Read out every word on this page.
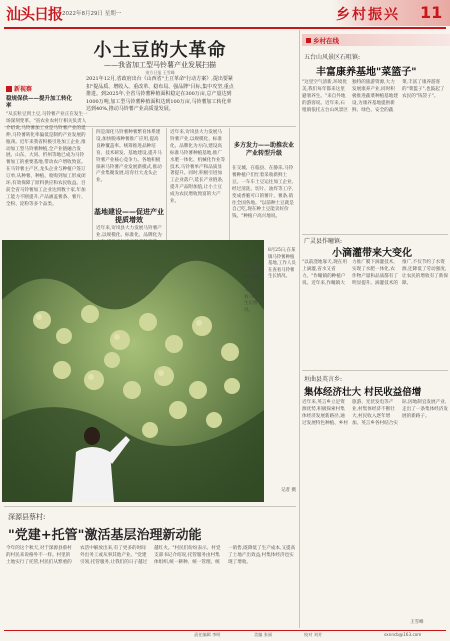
汕头日报 2022年8月29日 星期一	乡村振兴 11
小土豆的大革命
——我省加工型马铃薯产业发展扫描
南方日报 王雪峰
2021年12月,省政府出台《山西省"土豆革命"行动方案》,提出要紧扣"提品质、增收入、重改革、稳布局、强品牌"目标,集中攻坚,重点推进。到2025年,全省马铃薯种植面积稳定在300万亩,总产量达到1000万吨,加工型马铃薯种植面积达到100万亩,马铃薯加工转化率达到40%,推动马铃薯产业高质量发展。
新视察
稳规保供——提升加工转化率
"从长粒豆到土豆,马铃薯产业正在发生一场深刻变革。"省农业农村厅相关负责人介绍说,马铃薯加工业是马铃薯产业的延伸,马铃薯转化率偏低是制约产业发展的瓶颈。近年来我省积极引进加工企业,推动加工型马铃薯种植,全产业链融合发展。山东、大同、忻州等地已成为马铃薯加工的重要基地,带动农户增收致富。在马铃薯主产区,龙头企业与种植户签订订单,从种薯、种植、收购到加工形成闭环,有效保障了原料供应和农民收益。目前全省马铃薯加工企业达到数十家,年加工能力不断提升,产品涵盖薯条、薯片、全粉、淀粉等多个品类。
四是深化马铃薯种薯繁育体系建设,加快脱毒种薯推广应用,提高良种覆盖率。统筹推进品种培育、技术研发、基地建设,提升马铃薯产业核心竞争力。各地积极探索马铃薯产业发展新模式,推动产业集聚发展,培育壮大龙头企业。
基地建设——促进产业提质增效
近年来,岢岚县大力发展马铃薯产业,以规模化、标准化、品牌化为
近年来,岢岚县大力发展马铃薯产业,以规模化、标准化、品牌化为方向,建设高标准马铃薯种植基地,推广水肥一体化、机械化作业等技术,马铃薯单产和品质显著提升。同时,积极引进加工企业落户,延长产业链条,提升产品附加值,让小土豆成为农民增收致富的大产业。
多方发力——助推农业产业转型升级
在交城、在临县、在静乐,马铃薯种植户们忙着采收新鲜土豆。一车车土豆运往加工企业,经过清洗、切片、油炸等工序,变成香脆可口的薯片、薯条,销往全国各地。"以前种土豆就是自己吃,现在种土豆能卖好价钱。"种植户高兴地说。
8月25日,在某镇马铃薯种植基地,工作人员在查看马铃薯生长情况。
8月25日,在某镇马铃薯种植基地,工作人员在查看马铃薯生长情况。
记者 摄
深源县蔡村:
"党建+托管"激活基层治理新动能
今年的这个秋天,对于深源县蔡村的村民来说格外不一样。村里的土地实行了托管,村民们从繁重的农活中解放出来,有了更多的时间外出务工或从事其他产业。"党建引领,托管服务,让我们的日子越过越红火。"村民们纷纷表示。村党支部书记介绍说,托管服务由村集体组织,统一耕种、统一管理、统一销售,既降低了生产成本,又提高了土地产出效益,村集体经济也实现了增收。
乡村在线
五台山风景区石咀镇:
丰富康养基地"菜篮子"
"这里空气清新,环境优美,我们每年都来这里避暑养生。"来自外地的游客说。近年来,石咀镇依托五台山风景区独特的旅游资源,大力发展康养产业,同时积极推进蔬菜种植基地建设,为康养基地提供新鲜、绿色、安全的蔬菜,丰富了康养游客的"菜篮子",也鼓起了农民的"钱袋子"。
广灵县作疃镇:
小滴灌带来大变化
"以前浇地靠天,现在用上滴灌,省水又省力。"作疃镇的种植户说。近年来,作疃镇大力推广膜下滴灌技术,实现了水肥一体化,农作物产量和品质都有了明显提升。滴灌技术的推广,不仅节约了水资源,还降低了劳动强度,让农民的增收有了新保障。
垣曲县英言乡:
集体经济壮大 村民收益倍增
近年来,英言乡立足资源优势,积极探索村集体经济发展新路径,通过发展特色种植、乡村旅游、光伏发电等产业,村集体经济不断壮大,村民收入逐年增加。英言乡各村结合实际,因地制宜发展产业,走出了一条集体经济发展的新路子。
王雪峰
责任编辑 李明	美编 张丽	校对 刘芳	sxnncb@163.com
